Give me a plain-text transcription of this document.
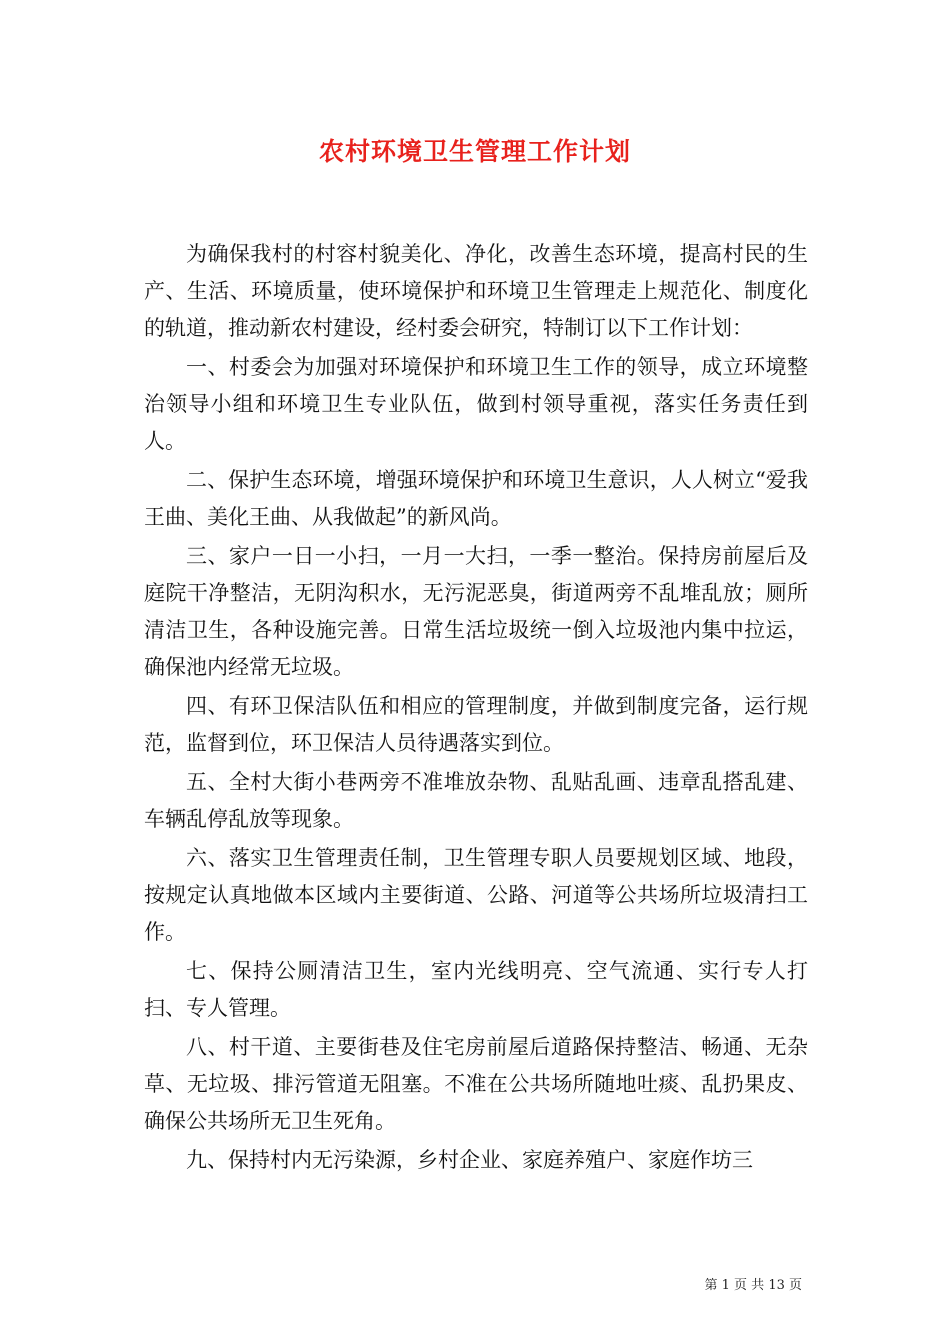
农村环境卫生管理工作计划

为确保我村的村容村貌美化、净化，改善生态环境，提高村民的生产、生活、环境质量，使环境保护和环境卫生管理走上规范化、制度化的轨道，推动新农村建设，经村委会研究，特制订以下工作计划：

一、村委会为加强对环境保护和环境卫生工作的领导，成立环境整治领导小组和环境卫生专业队伍，做到村领导重视，落实任务责任到人。

二、保护生态环境，增强环境保护和环境卫生意识，人人树立“爱我王曲、美化王曲、从我做起”的新风尚。

三、家户一日一小扫，一月一大扫，一季一整治。保持房前屋后及庭院干净整洁，无阴沟积水，无污泥恶臭，街道两旁不乱堆乱放；厕所清洁卫生，各种设施完善。日常生活垃圾统一倒入垃圾池内集中拉运，确保池内经常无垃圾。

四、有环卫保洁队伍和相应的管理制度，并做到制度完备，运行规范，监督到位，环卫保洁人员待遇落实到位。

五、全村大街小巷两旁不准堆放杂物、乱贴乱画、违章乱搭乱建、车辆乱停乱放等现象。

六、落实卫生管理责任制，卫生管理专职人员要规划区域、地段，按规定认真地做本区域内主要街道、公路、河道等公共场所垃圾清扫工作。

七、保持公厕清洁卫生，室内光线明亮、空气流通、实行专人打扫、专人管理。

八、村干道、主要街巷及住宅房前屋后道路保持整洁、畅通、无杂草、无垃圾、排污管道无阻塞。不准在公共场所随地吐痰、乱扔果皮、确保公共场所无卫生死角。

九、保持村内无污染源，乡村企业、家庭养殖户、家庭作坊三

第 1 页 共 13 页
